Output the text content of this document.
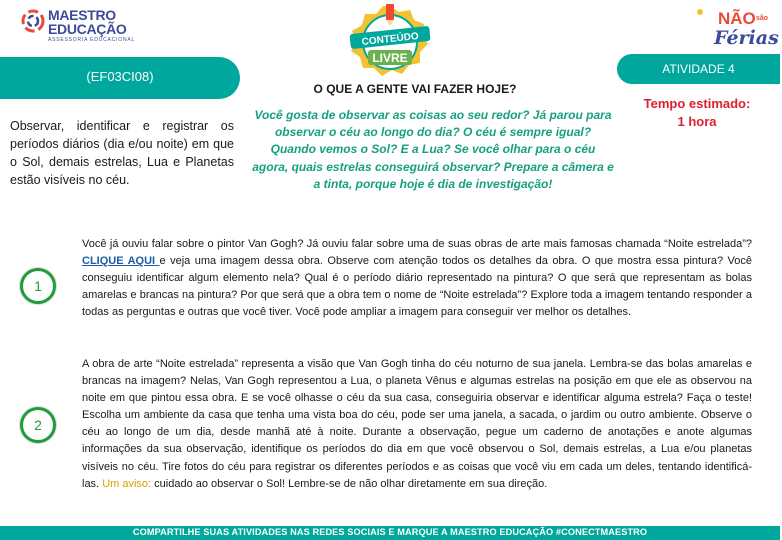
MAESTRO
EDUCAÇÃO
ASSESSORIA EDUCACIONAL	CONTEÚDO
LIVRE
NÃO são
Férias
(EF03CI08)
Observar, identificar e registrar os períodos diários (dia e/ou noite) em que o Sol, demais estrelas, Lua e Planetas estão visíveis no céu.
O QUE A GENTE VAI FAZER HOJE?
Você gosta de observar as coisas ao seu redor? Já parou para observar o céu ao longo do dia? O céu é sempre igual? Quando vemos o Sol? E a Lua? Se você olhar para o céu agora, quais estrelas conseguirá observar? Prepare a câmera e a tinta, porque hoje é dia de investigação!
ATIVIDADE 4
Tempo estimado:
1 hora
1
Você já ouviu falar sobre o pintor Van Gogh? Já ouviu falar sobre uma de suas obras de arte mais famosas chamada “Noite estrelada”? CLIQUE AQUI e veja uma imagem dessa obra. Observe com atenção todos os detalhes da obra. O que mostra essa pintura? Você conseguiu identificar algum elemento nela? Qual é o período diário representado na pintura? O que será que representam as bolas amarelas e brancas na pintura? Por que será que a obra tem o nome de “Noite estrelada”? Explore toda a imagem tentando responder a todas as perguntas e outras que você tiver. Você pode ampliar a imagem para conseguir ver melhor os detalhes.
2
A obra de arte “Noite estrelada” representa a visão que Van Gogh tinha do céu noturno de sua janela. Lembra-se das bolas amarelas e brancas na imagem? Nelas, Van Gogh representou a Lua, o planeta Vênus e algumas estrelas na posição em que ele as observou na noite em que pintou essa obra. E se você olhasse o céu da sua casa, conseguiria observar e identificar alguma estrela? Faça o teste! Escolha um ambiente da casa que tenha uma vista boa do céu, pode ser uma janela, a sacada, o jardim ou outro ambiente. Observe o céu ao longo de um dia, desde manhã até à noite. Durante a observação, pegue um caderno de anotações e anote algumas informações da sua observação, identifique os períodos do dia em que você observou o Sol, demais estrelas, a Lua e/ou planetas visíveis no céu. Tire fotos do céu para registrar os diferentes períodos e as coisas que você viu em cada um deles, tentando identificá-las. Um aviso: cuidado ao observar o Sol! Lembre-se de não olhar diretamente em sua direção.
COMPARTILHE SUAS ATIVIDADES NAS REDES SOCIAIS E MARQUE A MAESTRO EDUCAÇÃO #CONECTMAESTRO
